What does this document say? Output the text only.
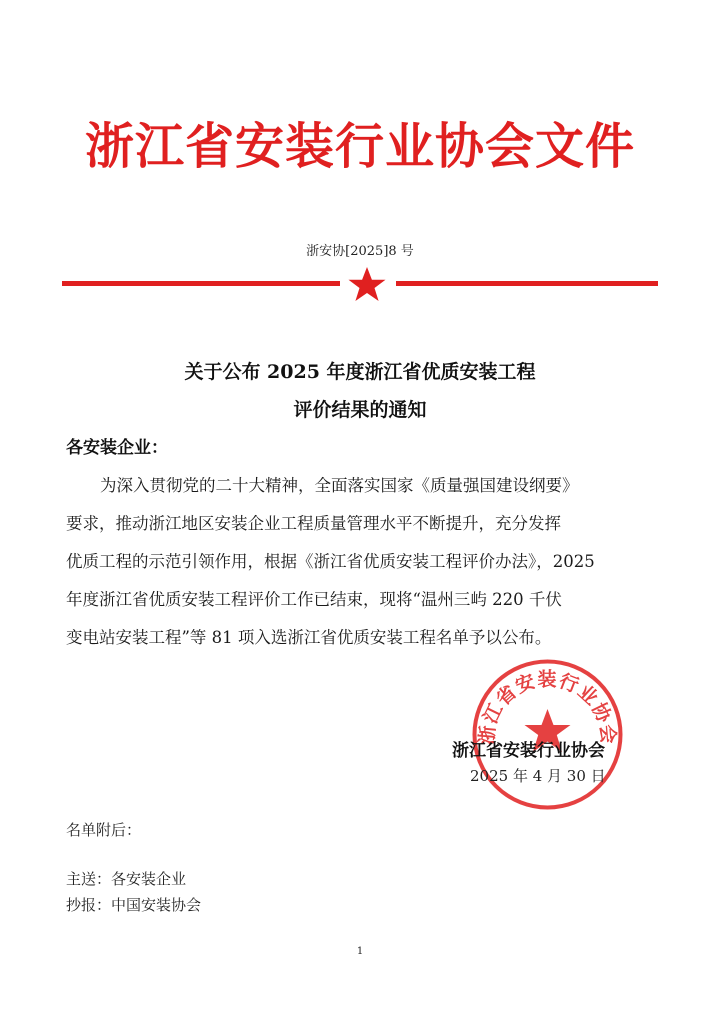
浙江省安装行业协会文件
浙安协[2025]8 号
关于公布 2025 年度浙江省优质安装工程
评价结果的通知
各安装企业：
为深入贯彻党的二十大精神，全面落实国家《质量强国建设纲要》
要求，推动浙江地区安装企业工程质量管理水平不断提升，充分发挥
优质工程的示范引领作用，根据《浙江省优质安装工程评价办法》，2025
年度浙江省优质安装工程评价工作已结束，现将“温州三屿 220 千伏
变电站安装工程”等 81 项入选浙江省优质安装工程名单予以公布。
浙江省安装行业协会
浙江省安装行业协会
2025 年 4 月 30 日
名单附后：
主送：各安装企业
抄报：中国安装协会
1
